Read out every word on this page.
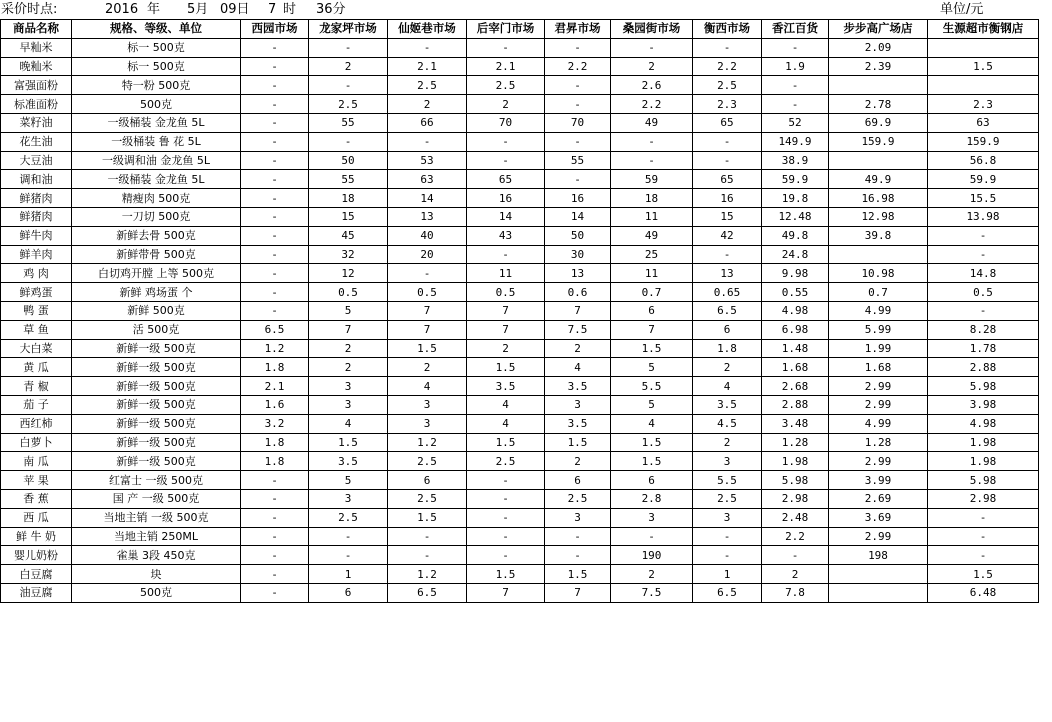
采价时点:	2016 年 5月 09日 7 时 36分	单位/元
商品名称	规格、等级、单位	西园市场	龙家坪市场	仙姬巷市场	后宰门市场	君昇市场	桑园街市场	衡西市场	香江百货	步步高广场店	生源超市衡钢店
早籼米	标一 500克	-	-	-	-	-	-	-	-	2.09	
晚籼米	标一 500克	-	2	2.1	2.1	2.2	2	2.2	1.9	2.39	1.5
富强面粉	特一粉 500克	-	-	2.5	2.5	-	2.6	2.5	-		
标准面粉	500克	-	2.5	2	2	-	2.2	2.3	-	2.78	2.3
菜籽油	一级桶装 金龙鱼 5L	-	55	66	70	70	49	65	52	69.9	63
花生油	一级桶装 鲁 花 5L	-	-	-	-	-	-	-	149.9	159.9	159.9
大豆油	一级调和油 金龙鱼 5L	-	50	53	-	55	-	-	38.9		56.8
调和油	一级桶装 金龙鱼 5L	-	55	63	65	-	59	65	59.9	49.9	59.9
鲜猪肉	精瘦肉 500克	-	18	14	16	16	18	16	19.8	16.98	15.5
鲜猪肉	一刀切 500克	-	15	13	14	14	11	15	12.48	12.98	13.98
鲜牛肉	新鲜去骨 500克	-	45	40	43	50	49	42	49.8	39.8	-
鲜羊肉	新鲜带骨 500克	-	32	20	-	30	25	-	24.8		-
鸡 肉	白切鸡开膛 上等 500克	-	12	-	11	13	11	13	9.98	10.98	14.8
鲜鸡蛋	新鲜 鸡场蛋 个	-	0.5	0.5	0.5	0.6	0.7	0.65	0.55	0.7	0.5
鸭 蛋	新鲜 500克	-	5	7	7	7	6	6.5	4.98	4.99	-
草 鱼	活 500克	6.5	7	7	7	7.5	7	6	6.98	5.99	8.28
大白菜	新鲜一级 500克	1.2	2	1.5	2	2	1.5	1.8	1.48	1.99	1.78
黄 瓜	新鲜一级 500克	1.8	2	2	1.5	4	5	2	1.68	1.68	2.88
青 椒	新鲜一级 500克	2.1	3	4	3.5	3.5	5.5	4	2.68	2.99	5.98
茄 子	新鲜一级 500克	1.6	3	3	4	3	5	3.5	2.88	2.99	3.98
西红柿	新鲜一级 500克	3.2	4	3	4	3.5	4	4.5	3.48	4.99	4.98
白萝卜	新鲜一级 500克	1.8	1.5	1.2	1.5	1.5	1.5	2	1.28	1.28	1.98
南 瓜	新鲜一级 500克	1.8	3.5	2.5	2.5	2	1.5	3	1.98	2.99	1.98
苹 果	红富士 一级 500克	-	5	6	-	6	6	5.5	5.98	3.99	5.98
香 蕉	国 产 一级 500克	-	3	2.5	-	2.5	2.8	2.5	2.98	2.69	2.98
西 瓜	当地主销 一级 500克	-	2.5	1.5	-	3	3	3	2.48	3.69	-
鲜 牛 奶	当地主销 250ML	-	-	-	-	-	-	-	2.2	2.99	-
婴儿奶粉	雀巢 3段 450克	-	-	-	-	-	190	-	-	198	-
白豆腐	块	-	1	1.2	1.5	1.5	2	1	2		1.5
油豆腐	500克	-	6	6.5	7	7	7.5	6.5	7.8		6.48
